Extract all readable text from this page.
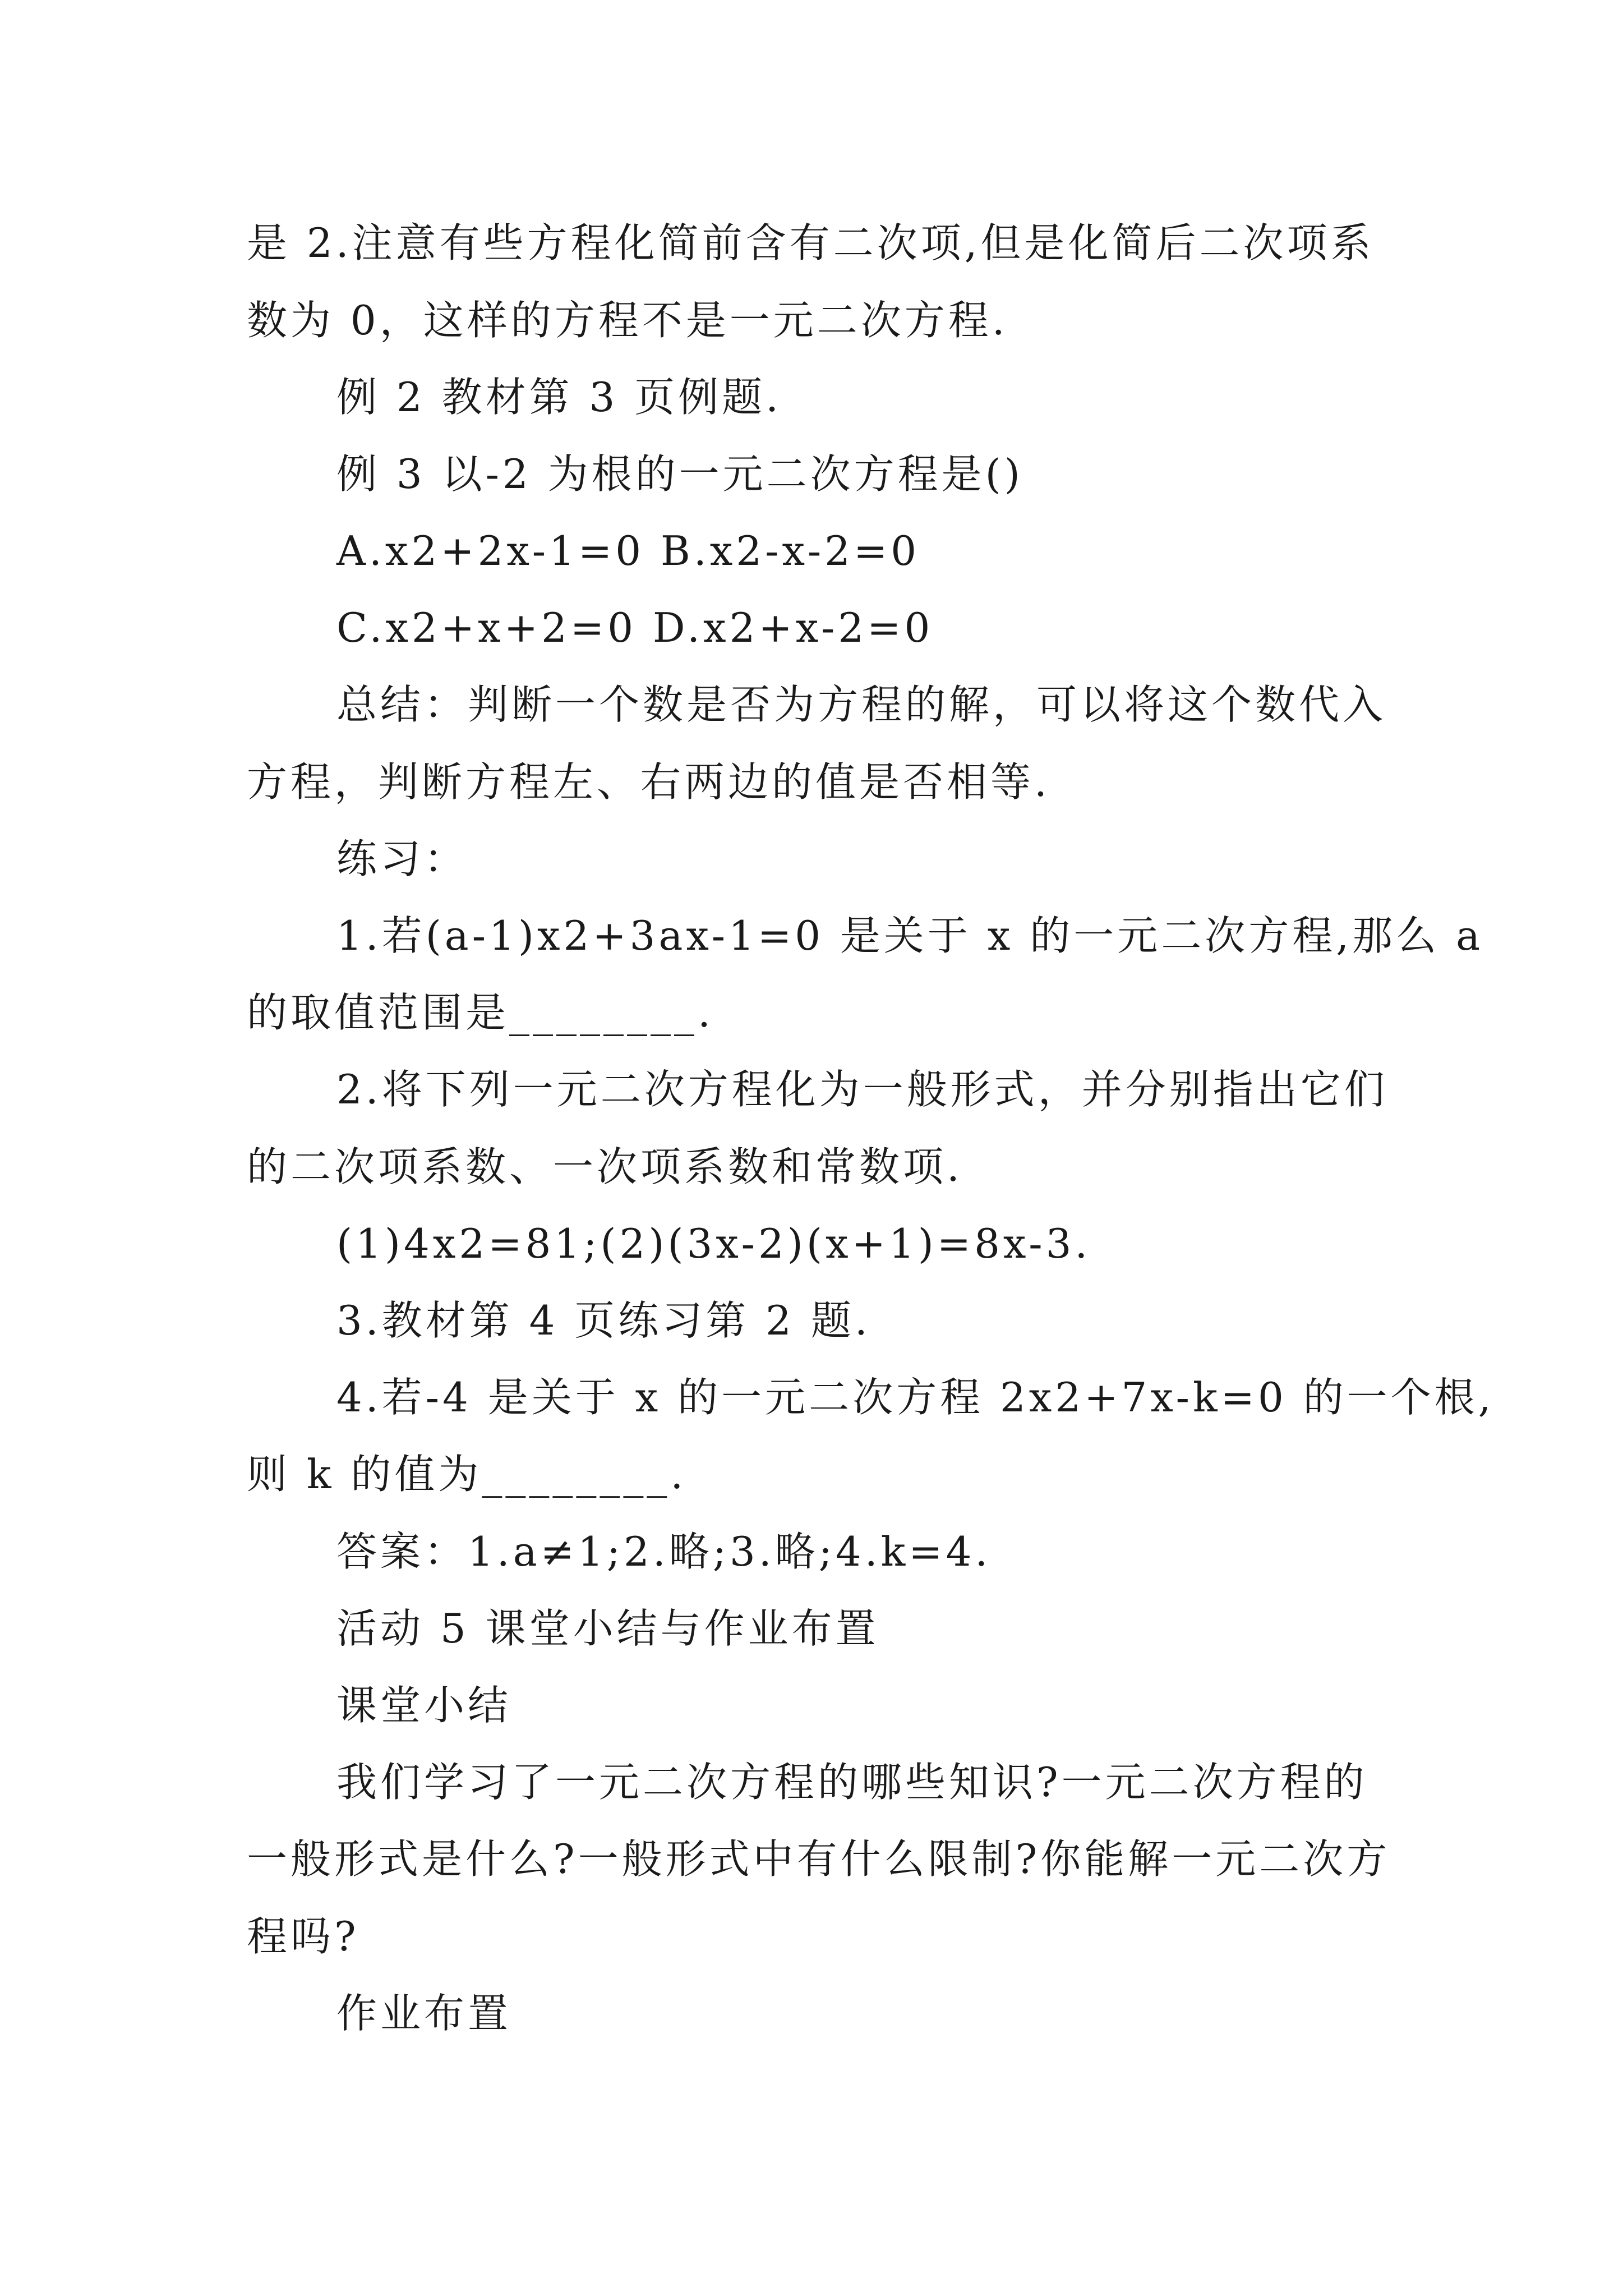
是 2.注意有些方程化简前含有二次项,但是化简后二次项系
数为 0，这样的方程不是一元二次方程.
例 2 教材第 3 页例题.
例 3 以-2 为根的一元二次方程是()
A.x2+2x-1=0 B.x2-x-2=0
C.x2+x+2=0 D.x2+x-2=0
总结：判断一个数是否为方程的解，可以将这个数代入
方程，判断方程左、右两边的值是否相等.
练习：
1.若(a-1)x2+3ax-1=0 是关于 x 的一元二次方程,那么 a
的取值范围是________.
2.将下列一元二次方程化为一般形式，并分别指出它们
的二次项系数、一次项系数和常数项.
(1)4x2=81;(2)(3x-2)(x+1)=8x-3.
3.教材第 4 页练习第 2 题.
4.若-4 是关于 x 的一元二次方程 2x2+7x-k=0 的一个根,
则 k 的值为________.
答案：1.a≠1;2.略;3.略;4.k=4.
活动 5 课堂小结与作业布置
课堂小结
我们学习了一元二次方程的哪些知识?一元二次方程的
一般形式是什么?一般形式中有什么限制?你能解一元二次方
程吗?
作业布置
